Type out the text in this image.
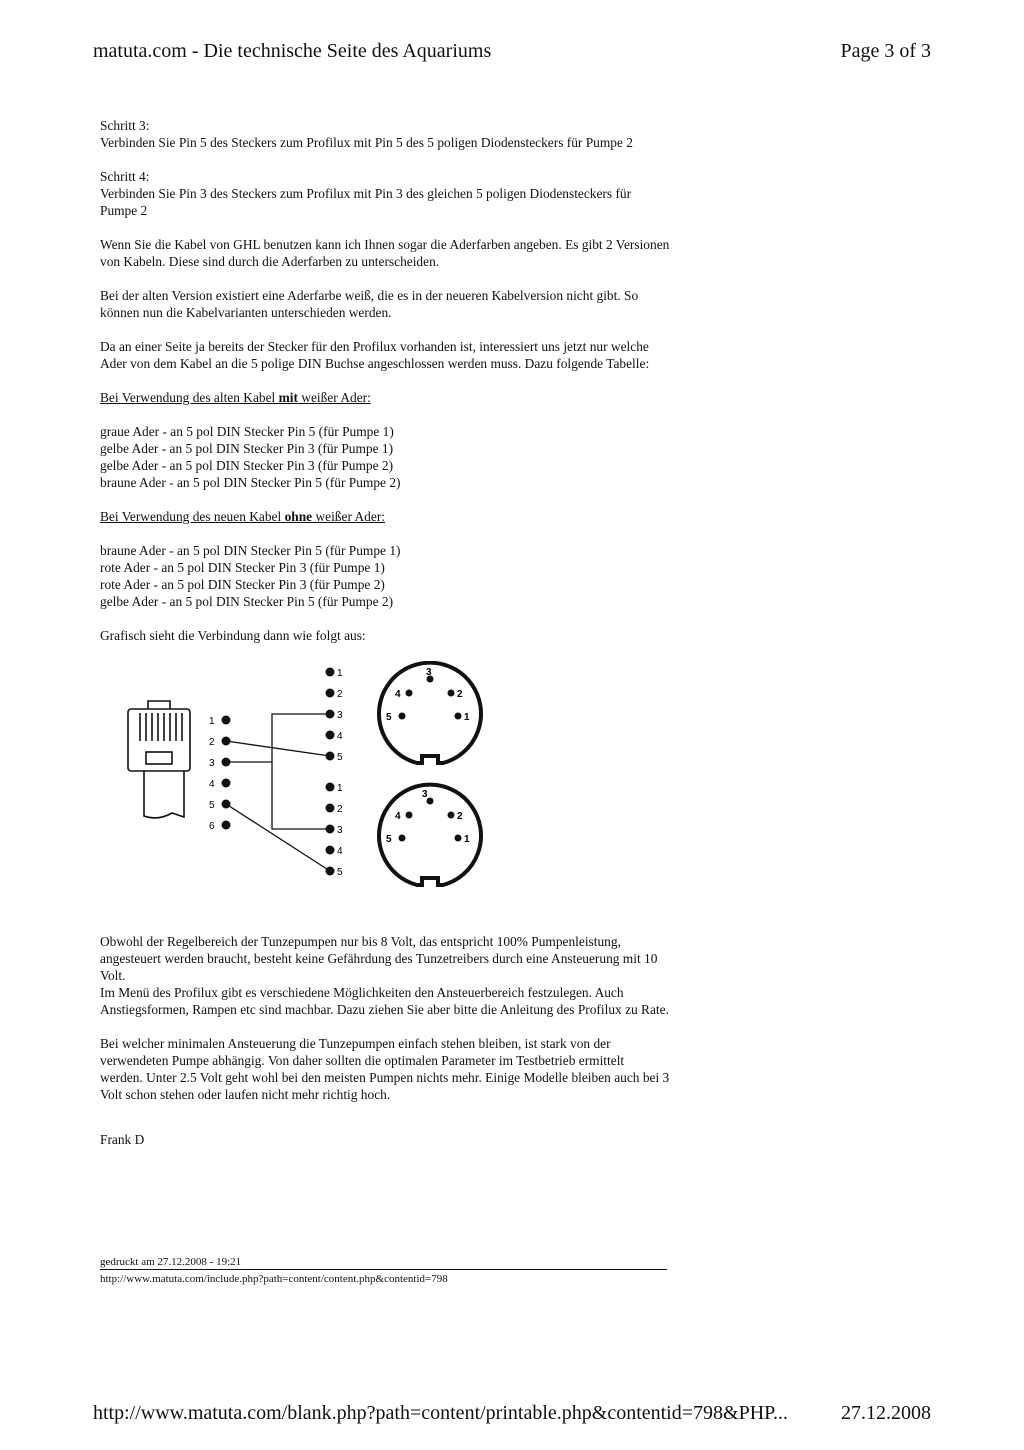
matuta.com - Die technische Seite des Aquariums	Page 3 of 3

Schritt 3:
Verbinden Sie Pin 5 des Steckers zum Profilux mit Pin 5 des 5 poligen Diodensteckers für Pumpe 2

Schritt 4:
Verbinden Sie Pin 3 des Steckers zum Profilux mit Pin 3 des gleichen 5 poligen Diodensteckers für Pumpe 2

Wenn Sie die Kabel von GHL benutzen kann ich Ihnen sogar die Aderfarben angeben. Es gibt 2 Versionen von Kabeln. Diese sind durch die Aderfarben zu unterscheiden.

Bei der alten Version existiert eine Aderfarbe weiß, die es in der neueren Kabelversion nicht gibt. So können nun die Kabelvarianten unterschieden werden.

Da an einer Seite ja bereits der Stecker für den Profilux vorhanden ist, interessiert uns jetzt nur welche Ader von dem Kabel an die 5 polige DIN Buchse angeschlossen werden muss. Dazu folgende Tabelle:

Bei Verwendung des alten Kabel mit weißer Ader:

graue Ader - an 5 pol DIN Stecker Pin 5 (für Pumpe 1)
gelbe Ader - an 5 pol DIN Stecker Pin 3 (für Pumpe 1)
gelbe Ader - an 5 pol DIN Stecker Pin 3 (für Pumpe 2)
braune Ader - an 5 pol DIN Stecker Pin 5 (für Pumpe 2)

Bei Verwendung des neuen Kabel ohne weißer Ader:

braune Ader - an 5 pol DIN Stecker Pin 5 (für Pumpe 1)
rote Ader - an 5 pol DIN Stecker Pin 3 (für Pumpe 1)
rote Ader - an 5 pol DIN Stecker Pin 3 (für Pumpe 2)
gelbe Ader - an 5 pol DIN Stecker Pin 5 (für Pumpe 2)

Grafisch sieht die Verbindung dann wie folgt aus:

1
2
3
4
5
6
1
2
3
4
5
1
2
3
4
5
3
2
4
1
5
3
2
4
1
5

Obwohl der Regelbereich der Tunzepumpen nur bis 8 Volt, das entspricht 100% Pumpenleistung, angesteuert werden braucht, besteht keine Gefährdung des Tunzetreibers durch eine Ansteuerung mit 10 Volt.
Im Menü des Profilux gibt es verschiedene Möglichkeiten den Ansteuerbereich festzulegen. Auch Anstiegsformen, Rampen etc sind machbar. Dazu ziehen Sie aber bitte die Anleitung des Profilux zu Rate.

Bei welcher minimalen Ansteuerung die Tunzepumpen einfach stehen bleiben, ist stark von der verwendeten Pumpe abhängig. Von daher sollten die optimalen Parameter im Testbetrieb ermittelt werden. Unter 2.5 Volt geht wohl bei den meisten Pumpen nichts mehr. Einige Modelle bleiben auch bei 3 Volt schon stehen oder laufen nicht mehr richtig hoch.

Frank D

gedruckt am 27.12.2008 - 19:21
http://www.matuta.com/include.php?path=content/content.php&contentid=798
http://www.matuta.com/blank.php?path=content/printable.php&contentid=798&PHP...	27.12.2008
